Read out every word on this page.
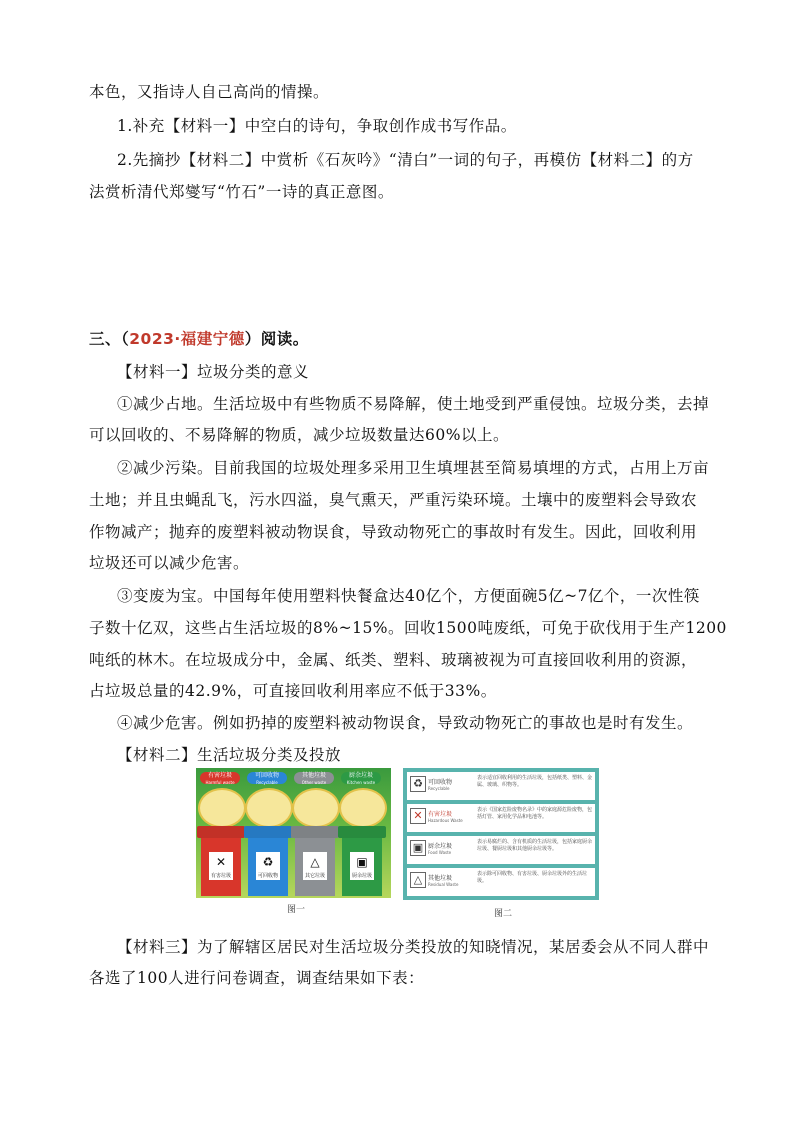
本色，又指诗人自己高尚的情操。
1.补充【材料一】中空白的诗句，争取创作成书写作品。
2.先摘抄【材料二】中赏析《石灰吟》“清白”一词的句子，再模仿【材料二】的方
法赏析清代郑燮写“竹石”一诗的真正意图。
三、（2023·福建宁德）阅读。
【材料一】垃圾分类的意义
①减少占地。生活垃圾中有些物质不易降解，使土地受到严重侵蚀。垃圾分类，去掉
可以回收的、不易降解的物质，减少垃圾数量达60%以上。
②减少污染。目前我国的垃圾处理多采用卫生填埋甚至简易填埋的方式，占用上万亩
土地；并且虫蝇乱飞，污水四溢，臭气熏天，严重污染环境。土壤中的废塑料会导致农
作物减产；抛弃的废塑料被动物误食，导致动物死亡的事故时有发生。因此，回收利用
垃圾还可以减少危害。
③变废为宝。中国每年使用塑料快餐盒达40亿个，方便面碗5亿~7亿个，一次性筷
子数十亿双，这些占生活垃圾的8%~15%。回收1500吨废纸，可免于砍伐用于生产1200
吨纸的林木。在垃圾成分中，金属、纸类、塑料、玻璃被视为可直接回收利用的资源，
占垃圾总量的42.9%，可直接回收利用率应不低于33%。
④减少危害。例如扔掉的废塑料被动物误食，导致动物死亡的事故也是时有发生。
【材料二】生活垃圾分类及投放
有害垃圾	可回收物	其他垃圾	厨余垃圾
Harmful waste	Recyclable	Other waste	Kitchen waste
✕
有害垃圾
♻
可回收物
△
其它垃圾
▣
厨余垃圾
图一
♻ 可回收物
Recyclable
表示适宜回收利用的生活垃圾，包括纸类、塑料、金属、玻璃、织物等。
✕ 有害垃圾
Hazardous Waste
表示《国家危险废物名录》中的家庭源危险废物，包括灯管、家用化学品和电池等。
▣ 厨余垃圾
Food Waste
表示易腐烂的、含有机质的生活垃圾，包括家庭厨余垃圾、餐厨垃圾和其他厨余垃圾等。
△ 其他垃圾
Residual Waste
表示除可回收物、有害垃圾、厨余垃圾外的生活垃圾。
图二
【材料三】为了解辖区居民对生活垃圾分类投放的知晓情况，某居委会从不同人群中
各选了100人进行问卷调查，调查结果如下表：
